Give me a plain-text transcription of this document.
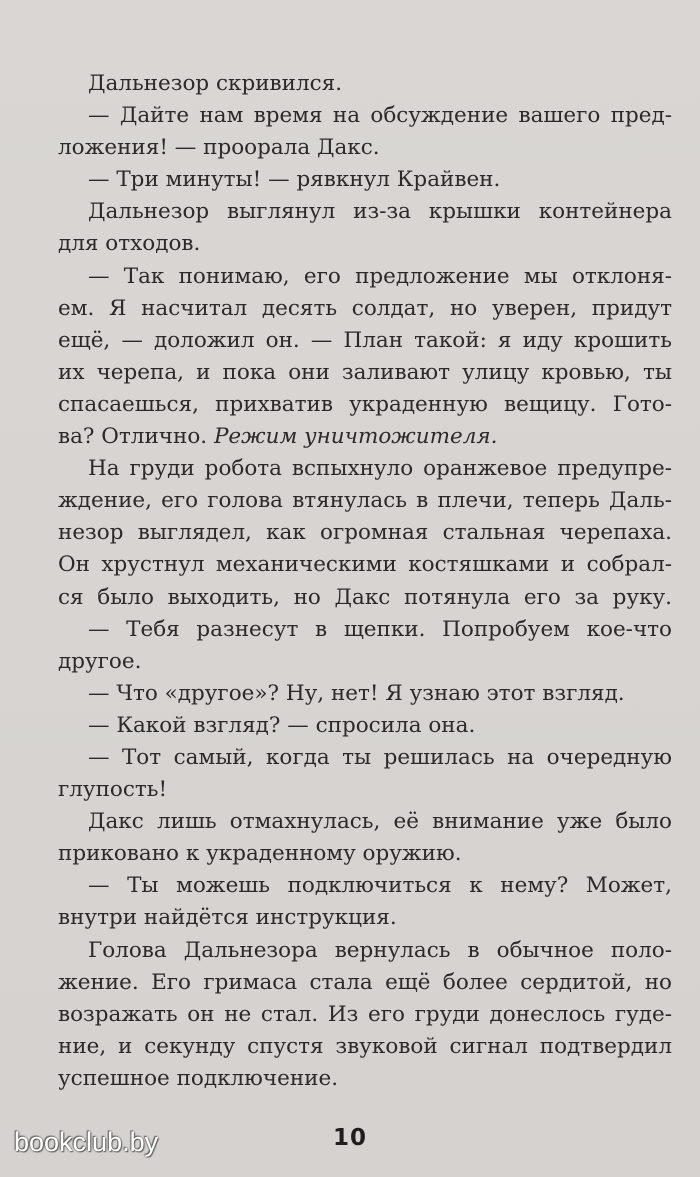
Дальнезор скривился.
— Дайте нам время на обсуждение вашего пред-
ложения! — проорала Дакс.
— Три минуты! — рявкнул Крайвен.
Дальнезор выглянул из-за крышки контейнера
для отходов.
— Так понимаю, его предложение мы отклоня-
ем. Я насчитал десять солдат, но уверен, придут
ещё, — доложил он. — План такой: я иду крошить
их черепа, и пока они заливают улицу кровью, ты
спасаешься, прихватив украденную вещицу. Гото-
ва? Отлично. Режим уничтожителя.
На груди робота вспыхнуло оранжевое предупре-
ждение, его голова втянулась в плечи, теперь Даль-
незор выглядел, как огромная стальная черепаха.
Он хрустнул механическими костяшками и собрал-
ся было выходить, но Дакс потянула его за руку.
— Тебя разнесут в щепки. Попробуем кое-что
другое.
— Что «другое»? Ну, нет! Я узнаю этот взгляд.
— Какой взгляд? — спросила она.
— Тот самый, когда ты решилась на очередную
глупость!
Дакс лишь отмахнулась, её внимание уже было
приковано к украденному оружию.
— Ты можешь подключиться к нему? Может,
внутри найдётся инструкция.
Голова Дальнезора вернулась в обычное поло-
жение. Его гримаса стала ещё более сердитой, но
возражать он не стал. Из его груди донеслось гуде-
ние, и секунду спустя звуковой сигнал подтвердил
успешное подключение.
10
bookclub.by
